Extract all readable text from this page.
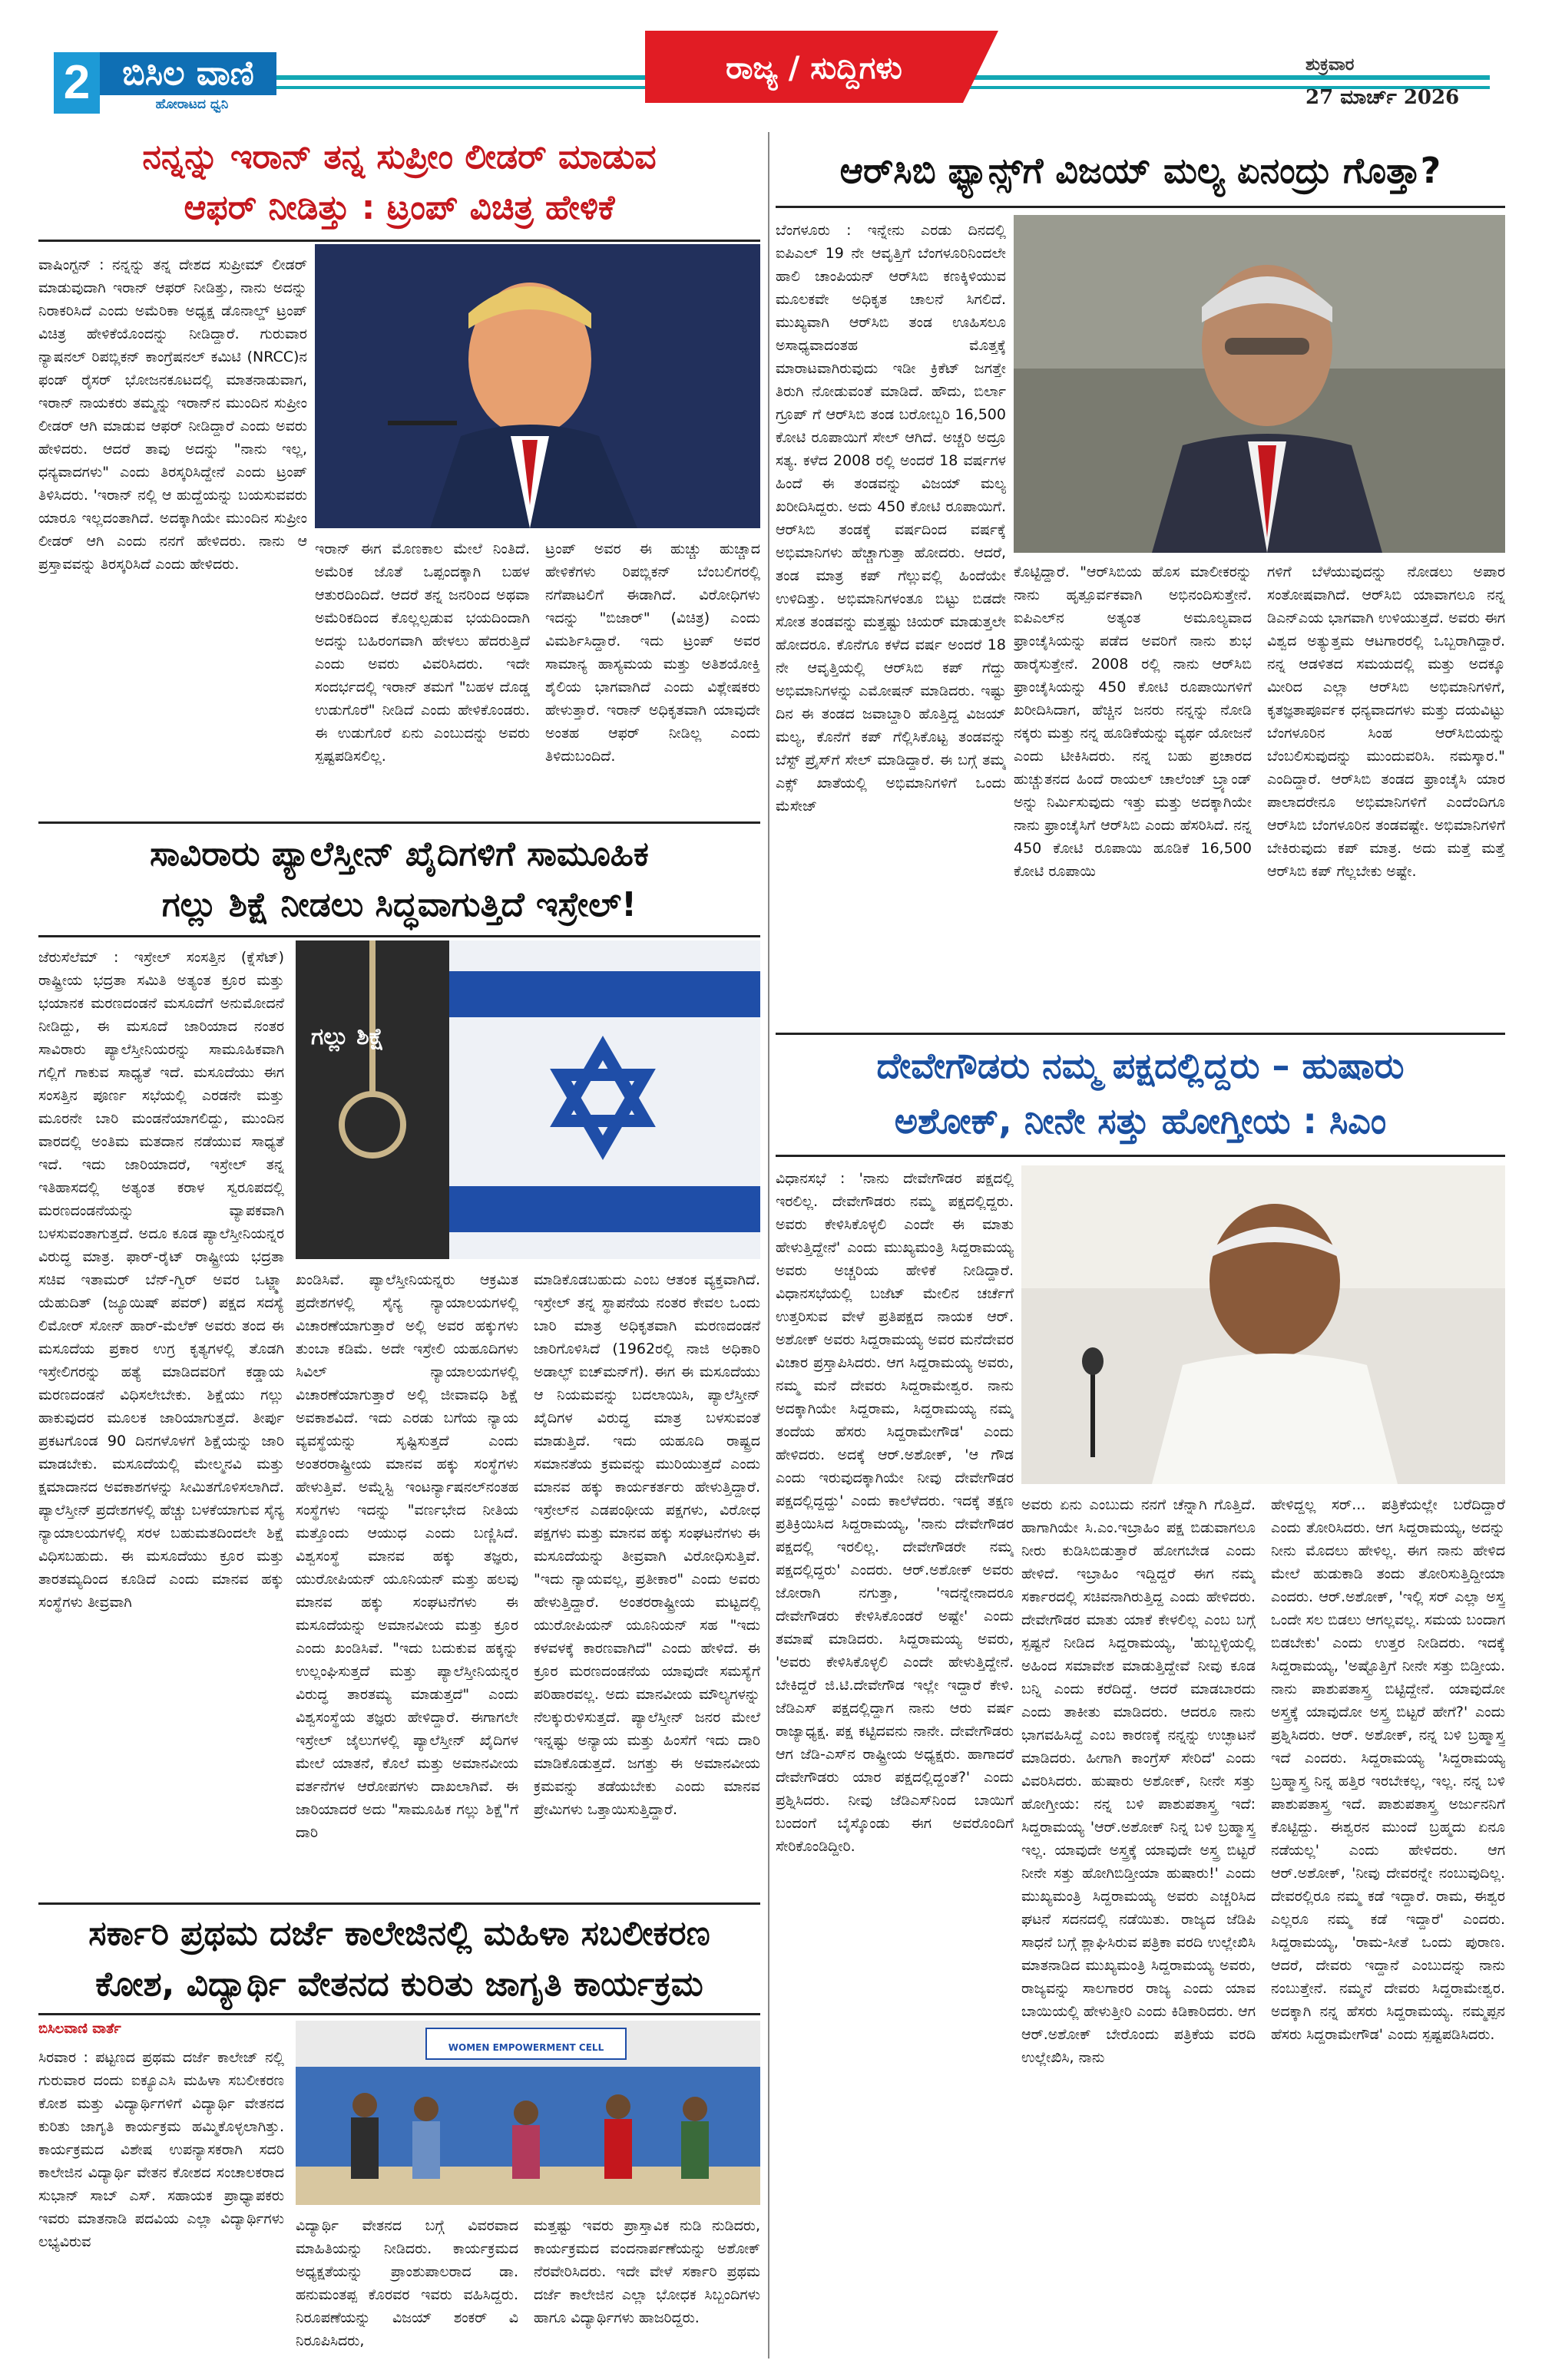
2 ಬಿಸಿಲ ವಾಣಿ
ಹೋರಾಟದ ಧ್ವನಿ
ರಾಜ್ಯ / ಸುದ್ದಿಗಳು	ಶುಕ್ರವಾರ
27 ಮಾರ್ಚ್ 2026
ನನ್ನನ್ನು ಇರಾನ್ ತನ್ನ ಸುಪ್ರೀಂ ಲೀಡರ್ ಮಾಡುವ
ಆಫರ್ ನೀಡಿತ್ತು : ಟ್ರಂಪ್ ವಿಚಿತ್ರ ಹೇಳಿಕೆ
ವಾಷಿಂಗ್ಟನ್ : ನನ್ನನ್ನು ತನ್ನ ದೇಶದ ಸುಪ್ರೀಮ್ ಲೀಡರ್ ಮಾಡುವುದಾಗಿ ಇರಾನ್ ಆಫರ್ ನೀಡಿತ್ತು, ನಾನು ಅದನ್ನು ನಿರಾಕರಿಸಿದೆ ಎಂದು ಅಮೆರಿಕಾ ಅಧ್ಯಕ್ಷ ಡೊನಾಲ್ಡ್ ಟ್ರಂಪ್ ವಿಚಿತ್ರ ಹೇಳಿಕೆಯೊಂದನ್ನು ನೀಡಿದ್ದಾರೆ. ಗುರುವಾರ ನ್ಯಾಷನಲ್ ರಿಪಬ್ಲಿಕನ್ ಕಾಂಗ್ರೆಷನಲ್ ಕಮಿಟಿ (NRCC)ನ ಫಂಡ್ ರೈಸರ್ ಭೋಜನಕೂಟದಲ್ಲಿ ಮಾತನಾಡುವಾಗ, ಇರಾನ್ ನಾಯಕರು ತಮ್ಮನ್ನು ಇರಾನ್‌ನ ಮುಂದಿನ ಸುಪ್ರೀಂ ಲೀಡರ್ ಆಗಿ ಮಾಡುವ ಆಫರ್ ನೀಡಿದ್ದಾರೆ ಎಂದು ಅವರು ಹೇಳಿದರು. ಆದರೆ ತಾವು ಅದನ್ನು "ನಾನು ಇಲ್ಲ, ಧನ್ಯವಾದಗಳು" ಎಂದು ತಿರಸ್ಕರಿಸಿದ್ದೇನೆ ಎಂದು ಟ್ರಂಪ್ ತಿಳಿಸಿದರು. 'ಇರಾನ್ ನಲ್ಲಿ ಆ ಹುದ್ದೆಯನ್ನು ಬಯಸುವವರು ಯಾರೂ ಇಲ್ಲದಂತಾಗಿದೆ. ಅದಕ್ಕಾಗಿಯೇ ಮುಂದಿನ ಸುಪ್ರೀಂ ಲೀಡರ್ ಆಗಿ ಎಂದು ನನಗೆ ಹೇಳಿದರು. ನಾನು ಆ ಪ್ರಸ್ತಾವವನ್ನು ತಿರಸ್ಕರಿಸಿದೆ ಎಂದು ಹೇಳಿದರು.
ಇರಾನ್ ಈಗ ಮೊಣಕಾಲ ಮೇಲೆ ನಿಂತಿದೆ. ಅಮೆರಿಕ ಜೊತೆ ಒಪ್ಪಂದಕ್ಕಾಗಿ ಬಹಳ ಆತುರದಿಂದಿದೆ. ಆದರೆ ತನ್ನ ಜನರಿಂದ ಅಥವಾ ಅಮೆರಿಕದಿಂದ ಕೊಲ್ಲಲ್ಪಡುವ ಭಯದಿಂದಾಗಿ ಅದನ್ನು ಬಹಿರಂಗವಾಗಿ ಹೇಳಲು ಹೆದರುತ್ತಿದೆ ಎಂದು ಅವರು ವಿವರಿಸಿದರು. ಇದೇ ಸಂದರ್ಭದಲ್ಲಿ ಇರಾನ್ ತಮಗೆ "ಬಹಳ ದೊಡ್ಡ ಉಡುಗೊರೆ" ನೀಡಿದೆ ಎಂದು ಹೇಳಿಕೊಂಡರು. ಈ ಉಡುಗೊರೆ ಏನು ಎಂಬುದನ್ನು ಅವರು ಸ್ಪಷ್ಟಪಡಿಸಲಿಲ್ಲ.
ಟ್ರಂಪ್ ಅವರ ಈ ಹುಚ್ಚು ಹುಚ್ಚಾದ ಹೇಳಿಕೆಗಳು ರಿಪಬ್ಲಿಕನ್ ಬೆಂಬಲಿಗರಲ್ಲಿ ನಗೆಪಾಟಲಿಗೆ ಈಡಾಗಿದೆ. ವಿರೋಧಿಗಳು ಇದನ್ನು "ಬಿಜಾರ್" (ವಿಚಿತ್ರ) ಎಂದು ವಿಮರ್ಶಿಸಿದ್ದಾರೆ. ಇದು ಟ್ರಂಪ್ ಅವರ ಸಾಮಾನ್ಯ ಹಾಸ್ಯಮಯ ಮತ್ತು ಅತಿಶಯೋಕ್ತಿ ಶೈಲಿಯ ಭಾಗವಾಗಿದೆ ಎಂದು ವಿಶ್ಲೇಷಕರು ಹೇಳುತ್ತಾರೆ. ಇರಾನ್ ಅಧಿಕೃತವಾಗಿ ಯಾವುದೇ ಅಂತಹ ಆಫರ್ ನೀಡಿಲ್ಲ ಎಂದು ತಿಳಿದುಬಂದಿದೆ.
ಆರ್‌ಸಿಬಿ ಫ್ಯಾನ್ಸ್‌ಗೆ ವಿಜಯ್ ಮಲ್ಯ ಏನಂದ್ರು ಗೊತ್ತಾ?
ಬೆಂಗಳೂರು : ಇನ್ನೇನು ಎರಡು ದಿನದಲ್ಲಿ ಐಪಿಎಲ್ 19 ನೇ ಆವೃತ್ತಿಗೆ ಬೆಂಗಳೂರಿನಿಂದಲೇ ಹಾಲಿ ಚಾಂಪಿಯನ್ ಆರ್‌ಸಿಬಿ ಕಣಕ್ಕಿಳಿಯುವ ಮೂಲಕವೇ ಅಧಿಕೃತ ಚಾಲನೆ ಸಿಗಲಿದೆ. ಮುಖ್ಯವಾಗಿ ಆರ್‌ಸಿಬಿ ತಂಡ ಊಹಿಸಲೂ ಅಸಾಧ್ಯವಾದಂತಹ ಮೊತ್ತಕ್ಕೆ ಮಾರಾಟವಾಗಿರುವುದು ಇಡೀ ಕ್ರಿಕೆಟ್ ಜಗತ್ತೇ ತಿರುಗಿ ನೋಡುವಂತೆ ಮಾಡಿದೆ. ಹೌದು, ಬಿರ್ಲಾ ಗ್ರೂಪ್ ಗೆ ಆರ್‌ಸಿಬಿ ತಂಡ ಬರೋಬ್ಬರಿ 16,500 ಕೋಟಿ ರೂಪಾಯಿಗೆ ಸೇಲ್ ಆಗಿದೆ. ಅಚ್ಚರಿ ಅದ್ರೂ ಸತ್ಯ. ಕಳೆದ 2008 ರಲ್ಲಿ ಅಂದರೆ 18 ವರ್ಷಗಳ ಹಿಂದೆ ಈ ತಂಡವನ್ನು ವಿಜಯ್ ಮಲ್ಯ ಖರೀದಿಸಿದ್ದರು. ಅದು 450 ಕೋಟಿ ರೂಪಾಯಿಗೆ. ಆರ್‌ಸಿಬಿ ತಂಡಕ್ಕೆ ವರ್ಷದಿಂದ ವರ್ಷಕ್ಕೆ ಅಭಿಮಾನಿಗಳು ಹೆಚ್ಚಾಗುತ್ತಾ ಹೋದರು. ಆದರೆ, ತಂಡ ಮಾತ್ರ ಕಪ್ ಗೆಲ್ಲುವಲ್ಲಿ ಹಿಂದೆಯೇ ಉಳಿದಿತ್ತು. ಅಭಿಮಾನಿಗಳಂತೂ ಬಿಟ್ಟು ಬಿಡದೇ ಸೋತ ತಂಡವನ್ನು ಮತ್ತಷ್ಟು ಚಿಯರ್ ಮಾಡುತ್ತಲೇ ಹೋದರೂ. ಕೊನೆಗೂ ಕಳೆದ ವರ್ಷ ಅಂದರೆ 18 ನೇ ಆವೃತ್ತಿಯಲ್ಲಿ ಆರ್‌ಸಿಬಿ ಕಪ್ ಗೆದ್ದು ಅಭಿಮಾನಿಗಳನ್ನು ಎಮೋಷನ್ ಮಾಡಿದರು. ಇಷ್ಟು ದಿನ ಈ ತಂಡದ ಜವಾಬ್ದಾರಿ ಹೊತ್ತಿದ್ದ ವಿಜಯ್ ಮಲ್ಯ, ಕೊನೆಗೆ ಕಪ್ ಗೆಲ್ಲಿಸಿಕೊಟ್ಟ ತಂಡವನ್ನು ಬೆಸ್ಟ್ ಪ್ರೈಸ್‌ಗೆ ಸೇಲ್ ಮಾಡಿದ್ದಾರೆ. ಈ ಬಗ್ಗೆ ತಮ್ಮ ಎಕ್ಸ್ ಖಾತೆಯಲ್ಲಿ ಅಭಿಮಾನಿಗಳಿಗೆ ಒಂದು ಮೆಸೇಜ್
ಕೊಟ್ಟಿದ್ದಾರೆ. "ಆರ್‌ಸಿಬಿಯ ಹೊಸ ಮಾಲೀಕರನ್ನು ನಾನು ಹೃತ್ಪೂರ್ವಕವಾಗಿ ಅಭಿನಂದಿಸುತ್ತೇನೆ. ಐಪಿಎಲ್‌ನ ಅತ್ಯಂತ ಅಮೂಲ್ಯವಾದ ಫ್ರಾಂಚೈಸಿಯನ್ನು ಪಡೆದ ಅವರಿಗೆ ನಾನು ಶುಭ ಹಾರೈಸುತ್ತೇನೆ. 2008 ರಲ್ಲಿ ನಾನು ಆರ್‌ಸಿಬಿ ಫ್ರಾಂಚೈಸಿಯನ್ನು 450 ಕೋಟಿ ರೂಪಾಯಿಗಳಿಗೆ ಖರೀದಿಸಿದಾಗ, ಹೆಚ್ಚಿನ ಜನರು ನನ್ನನ್ನು ನೋಡಿ ನಕ್ಕರು ಮತ್ತು ನನ್ನ ಹೂಡಿಕೆಯನ್ನು ವ್ಯರ್ಥ ಯೋಜನೆ ಎಂದು ಟೀಕಿಸಿದರು. ನನ್ನ ಬಹು ಪ್ರಚಾರದ ಹುಚ್ಚುತನದ ಹಿಂದೆ ರಾಯಲ್ ಚಾಲೆಂಜ್ ಬ್ರ್ಯಾಂಡ್ ಅನ್ನು ನಿರ್ಮಿಸುವುದು ಇತ್ತು ಮತ್ತು ಅದಕ್ಕಾಗಿಯೇ ನಾನು ಫ್ರಾಂಚೈಸಿಗೆ ಆರ್‌ಸಿಬಿ ಎಂದು ಹೆಸರಿಸಿದೆ. ನನ್ನ 450 ಕೋಟಿ ರೂಪಾಯಿ ಹೂಡಿಕೆ 16,500 ಕೋಟಿ ರೂಪಾಯಿ
ಗಳಿಗೆ ಬೆಳೆಯುವುದನ್ನು ನೋಡಲು ಅಪಾರ ಸಂತೋಷವಾಗಿದೆ. ಆರ್‌ಸಿಬಿ ಯಾವಾಗಲೂ ನನ್ನ ಡಿಎನ್‌ಎಯ ಭಾಗವಾಗಿ ಉಳಿಯುತ್ತದೆ. ಅವರು ಈಗ ವಿಶ್ವದ ಅತ್ಯುತ್ತಮ ಆಟಗಾರರಲ್ಲಿ ಒಬ್ಬರಾಗಿದ್ದಾರೆ. ನನ್ನ ಆಡಳಿತದ ಸಮಯದಲ್ಲಿ ಮತ್ತು ಅದಕ್ಕೂ ಮೀರಿದ ಎಲ್ಲಾ ಆರ್‌ಸಿಬಿ ಅಭಿಮಾನಿಗಳಿಗೆ, ಕೃತಜ್ಞತಾಪೂರ್ವಕ ಧನ್ಯವಾದಗಳು ಮತ್ತು ದಯವಿಟ್ಟು ಬೆಂಗಳೂರಿನ ಸಿಂಹ ಆರ್‌ಸಿಬಿಯನ್ನು ಬೆಂಬಲಿಸುವುದನ್ನು ಮುಂದುವರಿಸಿ. ನಮಸ್ಕಾರ." ಎಂದಿದ್ದಾರೆ. ಆರ್‌ಸಿಬಿ ತಂಡದ ಫ್ರಾಂಚೈಸಿ ಯಾರ ಪಾಲಾದರೇನೂ ಅಭಿಮಾನಿಗಳಿಗೆ ಎಂದೆಂದಿಗೂ ಆರ್‌ಸಿಬಿ ಬೆಂಗಳೂರಿನ ತಂಡವಷ್ಟೇ. ಅಭಿಮಾನಿಗಳಿಗೆ ಬೇಕಿರುವುದು ಕಪ್ ಮಾತ್ರ. ಅದು ಮತ್ತೆ ಮತ್ತೆ ಆರ್‌ಸಿಬಿ ಕಪ್ ಗೆಲ್ಲಬೇಕು ಅಷ್ಟೇ.
ಸಾವಿರಾರು ಪ್ಯಾಲೆಸ್ತೀನ್ ಖೈದಿಗಳಿಗೆ ಸಾಮೂಹಿಕ
ಗಲ್ಲು ಶಿಕ್ಷೆ ನೀಡಲು ಸಿದ್ಧವಾಗುತ್ತಿದೆ ಇಸ್ರೇಲ್!
ಜೆರುಸೆಲೆಮ್ : ಇಸ್ರೇಲ್ ಸಂಸತ್ತಿನ (ಕ್ನೆಸೆಟ್) ರಾಷ್ಟ್ರೀಯ ಭದ್ರತಾ ಸಮಿತಿ ಅತ್ಯಂತ ಕ್ರೂರ ಮತ್ತು ಭಯಾನಕ ಮರಣದಂಡನೆ ಮಸೂದೆಗೆ ಅನುಮೋದನೆ ನೀಡಿದ್ದು, ಈ ಮಸೂದೆ ಜಾರಿಯಾದ ನಂತರ ಸಾವಿರಾರು ಪ್ಯಾಲೆಸ್ತೀನಿಯರನ್ನು ಸಾಮೂಹಿಕವಾಗಿ ಗಲ್ಲಿಗೆ ಗಾಕುವ ಸಾಧ್ಯತೆ ಇದೆ. ಮಸೂದೆಯು ಈಗ ಸಂಸತ್ತಿನ ಪೂರ್ಣ ಸಭೆಯಲ್ಲಿ ಎರಡನೇ ಮತ್ತು ಮೂರನೇ ಬಾರಿ ಮಂಡನೆಯಾಗಲಿದ್ದು, ಮುಂದಿನ ವಾರದಲ್ಲಿ ಅಂತಿಮ ಮತದಾನ ನಡೆಯುವ ಸಾಧ್ಯತೆ ಇದೆ. ಇದು ಜಾರಿಯಾದರೆ, ಇಸ್ರೇಲ್ ತನ್ನ ಇತಿಹಾಸದಲ್ಲಿ ಅತ್ಯಂತ ಕರಾಳ ಸ್ವರೂಪದಲ್ಲಿ ಮರಣದಂಡನೆಯನ್ನು ವ್ಯಾಪಕವಾಗಿ ಬಳಸುವಂತಾಗುತ್ತದೆ. ಅದೂ ಕೂಡ ಪ್ಯಾಲೆಸ್ತೀನಿಯನ್ನರ ವಿರುದ್ಧ ಮಾತ್ರ. ಫಾರ್-ರೈಟ್ ರಾಷ್ಟ್ರೀಯ ಭದ್ರತಾ ಸಚಿವ ಇತಾಮರ್ ಬೆನ್-ಗ್ವಿರ್ ಅವರ ಒಟ್ಜ್ಮಾ ಯೆಹುದಿತ್ (ಜ್ಯೂಯಿಷ್ ಪವರ್) ಪಕ್ಷದ ಸದಸ್ಯೆ ಲಿಮೋರ್ ಸೋನ್ ಹಾರ್-ಮೆಲೆಕ್ ಅವರು ತಂದ ಈ ಮಸೂದೆಯ ಪ್ರಕಾರ ಉಗ್ರ ಕೃತ್ಯಗಳಲ್ಲಿ ತೊಡಗಿ ಇಸ್ರೇಲಿಗರನ್ನು ಹತ್ಯೆ ಮಾಡಿದವರಿಗೆ ಕಡ್ಡಾಯ ಮರಣದಂಡನೆ ವಿಧಿಸಲೇಬೇಕು. ಶಿಕ್ಷೆಯು ಗಲ್ಲು ಹಾಕುವುದರ ಮೂಲಕ ಜಾರಿಯಾಗುತ್ತದೆ. ತೀರ್ಪು ಪ್ರಕಟಗೊಂಡ 90 ದಿನಗಳೊಳಗೆ ಶಿಕ್ಷೆಯನ್ನು ಜಾರಿ ಮಾಡಬೇಕು. ಮಸೂದೆಯಲ್ಲಿ ಮೇಲ್ಮನವಿ ಮತ್ತು ಕ್ಷಮಾದಾನದ ಅವಕಾಶಗಳನ್ನು ಸೀಮಿತಗೊಳಿಸಲಾಗಿದೆ. ಪ್ಯಾಲೆಸ್ತೀನ್ ಪ್ರದೇಶಗಳಲ್ಲಿ ಹೆಚ್ಚು ಬಳಕೆಯಾಗುವ ಸೈನ್ಯ ನ್ಯಾಯಾಲಯಗಳಲ್ಲಿ ಸರಳ ಬಹುಮತದಿಂದಲೇ ಶಿಕ್ಷೆ ವಿಧಿಸಬಹುದು. ಈ ಮಸೂದೆಯು ಕ್ರೂರ ಮತ್ತು ತಾರತಮ್ಯದಿಂದ ಕೂಡಿದೆ ಎಂದು ಮಾನವ ಹಕ್ಕು ಸಂಸ್ಥೆಗಳು ತೀವ್ರವಾಗಿ
ಗಲ್ಲು ಶಿಕ್ಷೆ
ಖಂಡಿಸಿವೆ. ಪ್ಯಾಲೆಸ್ತೀನಿಯನ್ನರು ಆಕ್ರಮಿತ ಪ್ರದೇಶಗಳಲ್ಲಿ ಸೈನ್ಯ ನ್ಯಾಯಾಲಯಗಳಲ್ಲಿ ವಿಚಾರಣೆಯಾಗುತ್ತಾರೆ ಅಲ್ಲಿ ಅವರ ಹಕ್ಕುಗಳು ತುಂಬಾ ಕಡಿಮೆ. ಅದೇ ಇಸ್ರೇಲಿ ಯಹೂದಿಗಳು ಸಿವಿಲ್ ನ್ಯಾಯಾಲಯಗಳಲ್ಲಿ ವಿಚಾರಣೆಯಾಗುತ್ತಾರೆ ಅಲ್ಲಿ ಜೀವಾವಧಿ ಶಿಕ್ಷೆ ಅವಕಾಶವಿದೆ. ಇದು ಎರಡು ಬಗೆಯ ನ್ಯಾಯ ವ್ಯವಸ್ಥೆಯನ್ನು ಸೃಷ್ಟಿಸುತ್ತದೆ ಎಂದು ಅಂತರರಾಷ್ಟ್ರೀಯ ಮಾನವ ಹಕ್ಕು ಸಂಸ್ಥೆಗಳು ಹೇಳುತ್ತಿವೆ. ಅಮ್ನೆಸ್ಟಿ ಇಂಟರ್ನ್ಯಾಷನಲ್‌ನಂತಹ ಸಂಸ್ಥೆಗಳು ಇದನ್ನು "ವರ್ಣಭೇದ ನೀತಿಯ ಮತ್ತೊಂದು ಆಯುಧ ಎಂದು ಬಣ್ಣಿಸಿದೆ. ವಿಶ್ವಸಂಸ್ಥೆ ಮಾನವ ಹಕ್ಕು ತಜ್ಞರು, ಯುರೋಪಿಯನ್ ಯೂನಿಯನ್ ಮತ್ತು ಹಲವು ಮಾನವ ಹಕ್ಕು ಸಂಘಟನೆಗಳು ಈ ಮಸೂದೆಯನ್ನು ಅಮಾನವೀಯ ಮತ್ತು ಕ್ರೂರ ಎಂದು ಖಂಡಿಸಿವೆ. "ಇದು ಬದುಕುವ ಹಕ್ಕನ್ನು ಉಲ್ಲಂಘಿಸುತ್ತದೆ ಮತ್ತು ಪ್ಯಾಲೆಸ್ತೀನಿಯನ್ನರ ವಿರುದ್ಧ ತಾರತಮ್ಯ ಮಾಡುತ್ತದೆ" ಎಂದು ವಿಶ್ವಸಂಸ್ಥೆಯ ತಜ್ಞರು ಹೇಳಿದ್ದಾರೆ. ಈಗಾಗಲೇ ಇಸ್ರೇಲ್ ಜೈಲುಗಳಲ್ಲಿ ಪ್ಯಾಲೆಸ್ತೀನ್ ಖೈದಿಗಳ ಮೇಲೆ ಯಾತನೆ, ಕೊಲೆ ಮತ್ತು ಅಮಾನವೀಯ ವರ್ತನೆಗಳ ಆರೋಪಗಳು ದಾಖಲಾಗಿವೆ. ಈ ಜಾರಿಯಾದರೆ ಅದು "ಸಾಮೂಹಿಕ ಗಲ್ಲು ಶಿಕ್ಷೆ"ಗೆ ದಾರಿ
ಮಾಡಿಕೊಡಬಹುದು ಎಂಬ ಆತಂಕ ವ್ಯಕ್ತವಾಗಿದೆ. ಇಸ್ರೇಲ್ ತನ್ನ ಸ್ಥಾಪನೆಯ ನಂತರ ಕೇವಲ ಒಂದು ಬಾರಿ ಮಾತ್ರ ಅಧಿಕೃತವಾಗಿ ಮರಣದಂಡನೆ ಜಾರಿಗೊಳಿಸಿದೆ (1962ರಲ್ಲಿ ನಾಜಿ ಅಧಿಕಾರಿ ಅಡಾಲ್ಫ್ ಐಚ್‌ಮನ್‌ಗೆ). ಈಗ ಈ ಮಸೂದೆಯು ಆ ನಿಯಮವನ್ನು ಬದಲಾಯಿಸಿ, ಪ್ಯಾಲೆಸ್ತೀನ್ ಖೈದಿಗಳ ವಿರುದ್ಧ ಮಾತ್ರ ಬಳಸುವಂತೆ ಮಾಡುತ್ತಿದೆ. ಇದು ಯಹೂದಿ ರಾಷ್ಟ್ರದ ಸಮಾನತೆಯ ಕ್ರಮವನ್ನು ಮುರಿಯುತ್ತದೆ ಎಂದು ಮಾನವ ಹಕ್ಕು ಕಾರ್ಯಕರ್ತರು ಹೇಳುತ್ತಿದ್ದಾರೆ. ಇಸ್ರೇಲ್‌ನ ಎಡಪಂಥೀಯ ಪಕ್ಷಗಳು, ವಿರೋಧ ಪಕ್ಷಗಳು ಮತ್ತು ಮಾನವ ಹಕ್ಕು ಸಂಘಟನೆಗಳು ಈ ಮಸೂದೆಯನ್ನು ತೀವ್ರವಾಗಿ ವಿರೋಧಿಸುತ್ತಿವೆ. "ಇದು ನ್ಯಾಯವಲ್ಲ, ಪ್ರತೀಕಾರ" ಎಂದು ಅವರು ಹೇಳುತ್ತಿದ್ದಾರೆ. ಅಂತರರಾಷ್ಟ್ರೀಯ ಮಟ್ಟದಲ್ಲಿ ಯುರೋಪಿಯನ್ ಯೂನಿಯನ್ ಸಹ "ಇದು ಕಳವಳಕ್ಕೆ ಕಾರಣವಾಗಿದೆ" ಎಂದು ಹೇಳಿದೆ. ಈ ಕ್ರೂರ ಮರಣದಂಡನೆಯ ಯಾವುದೇ ಸಮಸ್ಯೆಗೆ ಪರಿಹಾರವಲ್ಲ. ಅದು ಮಾನವೀಯ ಮೌಲ್ಯಗಳನ್ನು ನೆಲಕ್ಕುರುಳಿಸುತ್ತದೆ. ಪ್ಯಾಲೆಸ್ತೀನ್ ಜನರ ಮೇಲೆ ಇನ್ನಷ್ಟು ಅನ್ಯಾಯ ಮತ್ತು ಹಿಂಸೆಗೆ ಇದು ದಾರಿ ಮಾಡಿಕೊಡುತ್ತದೆ. ಜಗತ್ತು ಈ ಅಮಾನವೀಯ ಕ್ರಮವನ್ನು ತಡೆಯಬೇಕು ಎಂದು ಮಾನವ ಪ್ರೇಮಿಗಳು ಒತ್ತಾಯಿಸುತ್ತಿದ್ದಾರೆ.
ದೇವೇಗೌಡರು ನಮ್ಮ ಪಕ್ಷದಲ್ಲಿದ್ದರು – ಹುಷಾರು
ಅಶೋಕ್, ನೀನೇ ಸತ್ತು ಹೋಗ್ತೀಯ : ಸಿಎಂ
ವಿಧಾನಸಭೆ : 'ನಾನು ದೇವೇಗೌಡರ ಪಕ್ಷದಲ್ಲಿ ಇರಲಿಲ್ಲ. ದೇವೇಗೌಡರು ನಮ್ಮ ಪಕ್ಷದಲ್ಲಿದ್ದರು. ಅವರು ಕೇಳಿಸಿಕೊಳ್ಳಲಿ ಎಂದೇ ಈ ಮಾತು ಹೇಳುತ್ತಿದ್ದೇನೆ' ಎಂದು ಮುಖ್ಯಮಂತ್ರಿ ಸಿದ್ದರಾಮಯ್ಯ ಅವರು ಅಚ್ಚರಿಯ ಹೇಳಿಕೆ ನೀಡಿದ್ದಾರೆ. ವಿಧಾನಸಭೆಯಲ್ಲಿ ಬಜೆಟ್ ಮೇಲಿನ ಚರ್ಚೆಗೆ ಉತ್ತರಿಸುವ ವೇಳೆ ಪ್ರತಿಪಕ್ಷದ ನಾಯಕ ಆರ್. ಅಶೋಕ್ ಅವರು ಸಿದ್ದರಾಮಯ್ಯ ಅವರ ಮನೆದೇವರ ವಿಚಾರ ಪ್ರಸ್ತಾಪಿಸಿದರು. ಆಗ ಸಿದ್ದರಾಮಯ್ಯ ಅವರು, ನಮ್ಮ ಮನೆ ದೇವರು ಸಿದ್ದರಾಮೇಶ್ವರ. ನಾನು ಅದಕ್ಕಾಗಿಯೇ ಸಿದ್ದರಾಮ, ಸಿದ್ದರಾಮಯ್ಯ ನಮ್ಮ ತಂದೆಯ ಹೆಸರು ಸಿದ್ದರಾಮೇಗೌಡ' ಎಂದು ಹೇಳಿದರು. ಅದಕ್ಕೆ ಆರ್.ಅಶೋಕ್, 'ಆ ಗೌಡ ಎಂದು ಇರುವುದಕ್ಕಾಗಿಯೇ ನೀವು ದೇವೇಗೌಡರ ಪಕ್ಷದಲ್ಲಿದ್ದದ್ದು' ಎಂದು ಕಾಲೆಳೆದರು. ಇದಕ್ಕೆ ತಕ್ಷಣ ಪ್ರತಿಕ್ರಿಯಿಸಿದ ಸಿದ್ದರಾಮಯ್ಯ, 'ನಾನು ದೇವೇಗೌಡರ ಪಕ್ಷದಲ್ಲಿ ಇರಲಿಲ್ಲ. ದೇವೇಗೌಡರೇ ನಮ್ಮ ಪಕ್ಷದಲ್ಲಿದ್ದರು' ಎಂದರು. ಆರ್.ಅಶೋಕ್ ಅವರು ಜೋರಾಗಿ ನಗುತ್ತಾ, 'ಇದನ್ನೇನಾದರೂ ದೇವೇಗೌಡರು ಕೇಳಿಸಿಕೊಂಡರೆ ಅಷ್ಟೇ' ಎಂದು ತಮಾಷೆ ಮಾಡಿದರು. ಸಿದ್ದರಾಮಯ್ಯ ಅವರು, 'ಅವರು ಕೇಳಿಸಿಕೊಳ್ಳಲಿ ಎಂದೇ ಹೇಳುತ್ತಿದ್ದೇನೆ. ಬೇಕಿದ್ದರೆ ಜಿ.ಟಿ.ದೇವೇಗೌಡ ಇಲ್ಲೇ ಇದ್ದಾರೆ ಕೇಳಿ. ಜೆಡಿಎಸ್ ಪಕ್ಷದಲ್ಲಿದ್ದಾಗ ನಾನು ಆರು ವರ್ಷ ರಾಜ್ಯಾಧ್ಯಕ್ಷ. ಪಕ್ಷ ಕಟ್ಟಿದವನು ನಾನೇ. ದೇವೇಗೌಡರು ಆಗ ಜೆಡಿ-ಎಸ್‌ನ ರಾಷ್ಟ್ರೀಯ ಅಧ್ಯಕ್ಷರು. ಹಾಗಾದರೆ ದೇವೇಗೌಡರು ಯಾರ ಪಕ್ಷದಲ್ಲಿದ್ದಂತೆ?' ಎಂದು ಪ್ರಶ್ನಿಸಿದರು. ನೀವು ಜೆಡಿಎಸ್‌ನಿಂದ ಬಾಯಿಗೆ ಬಂದಂಗೆ ಬೈಸ್ಕೊಂಡು ಈಗ ಅವರೊಂದಿಗೆ ಸೇರಿಕೊಂಡಿದ್ದೀರಿ.
ಅವರು ಏನು ಎಂಬುದು ನನಗೆ ಚೆನ್ನಾಗಿ ಗೊತ್ತಿದೆ. ಹಾಗಾಗಿಯೇ ಸಿ.ಎಂ.ಇಬ್ರಾಹಿಂ ಪಕ್ಷ ಬಿಡುವಾಗಲೂ ನೀರು ಕುಡಿಸಿಬಿಡುತ್ತಾರೆ ಹೋಗಬೇಡ ಎಂದು ಹೇಳಿದೆ. ಇಬ್ರಾಹಿಂ ಇದ್ದಿದ್ದರೆ ಈಗ ನಮ್ಮ ಸರ್ಕಾರದಲ್ಲಿ ಸಚಿವನಾಗಿರುತ್ತಿದ್ದ ಎಂದು ಹೇಳಿದರು. ದೇವೇಗೌಡರ ಮಾತು ಯಾಕೆ ಕೇಳಲಿಲ್ಲ ಎಂಬ ಬಗ್ಗೆ ಸ್ಪಷ್ಟನೆ ನೀಡಿದ ಸಿದ್ದರಾಮಯ್ಯ, 'ಹುಬ್ಬಳ್ಳಿಯಲ್ಲಿ ಅಹಿಂದ ಸಮಾವೇಶ ಮಾಡುತ್ತಿದ್ದೇವೆ ನೀವು ಕೂಡ ಬನ್ನಿ ಎಂದು ಕರೆದಿದ್ದೆ. ಆದರೆ ಮಾಡಬಾರದು ಎಂದು ತಾಕೀತು ಮಾಡಿದರು. ಆದರೂ ನಾನು ಭಾಗವಹಿಸಿದ್ದೆ ಎಂಬ ಕಾರಣಕ್ಕೆ ನನ್ನನ್ನು ಉಚ್ಛಾಟನೆ ಮಾಡಿದರು. ಹೀಗಾಗಿ ಕಾಂಗ್ರೆಸ್ ಸೇರಿದೆ' ಎಂದು ವಿವರಿಸಿದರು. ಹುಷಾರು ಅಶೋಕ್, ನೀನೇ ಸತ್ತು ಹೋಗ್ತೀಯ: ನನ್ನ ಬಳಿ ಪಾಶುಪತಾಸ್ತ್ರ ಇದೆ: ಸಿದ್ದರಾಮಯ್ಯ 'ಆರ್.ಅಶೋಕ್ ನಿನ್ನ ಬಳಿ ಬ್ರಹ್ಮಾಸ್ತ್ರ ಇಲ್ಲ. ಯಾವುದೇ ಅಸ್ತ್ರಕ್ಕೆ ಯಾವುದೇ ಅಸ್ತ್ರ ಬಿಟ್ಟರೆ ನೀನೇ ಸತ್ತು ಹೋಗಿಬಿಡ್ತೀಯಾ ಹುಷಾರು!' ಎಂದು ಮುಖ್ಯಮಂತ್ರಿ ಸಿದ್ದರಾಮಯ್ಯ ಅವರು ಎಚ್ಚರಿಸಿದ ಘಟನೆ ಸದನದಲ್ಲಿ ನಡೆಯಿತು. ರಾಜ್ಯದ ಜೆಡಿಪಿ ಸಾಧನೆ ಬಗ್ಗೆ ಶ್ಲಾಘಿಸಿರುವ ಪತ್ರಿಕಾ ವರದಿ ಉಲ್ಲೇಖಿಸಿ ಮಾತನಾಡಿದ ಮುಖ್ಯಮಂತ್ರಿ ಸಿದ್ದರಾಮಯ್ಯ ಅವರು, ರಾಜ್ಯವನ್ನು ಸಾಲಗಾರರ ರಾಜ್ಯ ಎಂದು ಯಾವ ಬಾಯಿಯಲ್ಲಿ ಹೇಳುತ್ತೀರಿ ಎಂದು ಕಿಡಿಕಾರಿದರು. ಆಗ ಆರ್.ಅಶೋಕ್ ಬೇರೊಂದು ಪತ್ರಿಕೆಯ ವರದಿ ಉಲ್ಲೇಖಿಸಿ, ನಾನು
ಹೇಳಿದ್ದಲ್ಲ ಸರ್... ಪತ್ರಿಕೆಯಲ್ಲೇ ಬರೆದಿದ್ದಾರೆ ಎಂದು ತೋರಿಸಿದರು. ಆಗ ಸಿದ್ದರಾಮಯ್ಯ, ಅದನ್ನು ನೀನು ಮೊದಲು ಹೇಳಿಲ್ಲ. ಈಗ ನಾನು ಹೇಳಿದ ಮೇಲೆ ಹುಡುಕಾಡಿ ತಂದು ತೋರಿಸುತ್ತಿದ್ದೀಯಾ ಎಂದರು. ಆರ್.ಅಶೋಕ್, 'ಇಲ್ಲಿ ಸರ್ ಎಲ್ಲಾ ಅಸ್ತ್ರ ಒಂದೇ ಸಲ ಬಿಡಲು ಆಗಲ್ಲವಲ್ಲ. ಸಮಯ ಬಂದಾಗ ಬಿಡಬೇಕು' ಎಂದು ಉತ್ತರ ನೀಡಿದರು. ಇದಕ್ಕೆ ಸಿದ್ದರಾಮಯ್ಯ, 'ಅಷ್ಟೊತ್ತಿಗೆ ನೀನೇ ಸತ್ತು ಬಿಡ್ತೀಯ. ನಾನು ಪಾಶುಪತಾಸ್ತ್ರ ಬಿಟ್ಟಿದ್ದೇನೆ. ಯಾವುದೋ ಅಸ್ತ್ರಕ್ಕೆ ಯಾವುದೋ ಅಸ್ತ್ರ ಬಿಟ್ಟರೆ ಹೇಗೆ?' ಎಂದು ಪ್ರಶ್ನಿಸಿದರು. ಆರ್. ಅಶೋಕ್, ನನ್ನ ಬಳಿ ಬ್ರಹ್ಮಾಸ್ತ್ರ ಇದೆ ಎಂದರು. ಸಿದ್ದರಾಮಯ್ಯ 'ಸಿದ್ದರಾಮಯ್ಯ ಬ್ರಹ್ಮಾಸ್ತ್ರ ನಿನ್ನ ಹತ್ತಿರ ಇರಬೇಕಲ್ಲ, ಇಲ್ಲ. ನನ್ನ ಬಳಿ ಪಾಶುಪತಾಸ್ತ್ರ ಇದೆ. ಪಾಶುಪತಾಸ್ತ್ರ ಅರ್ಜುನನಿಗೆ ಕೊಟ್ಟಿದ್ದು. ಈಶ್ವರನ ಮುಂದೆ ಬ್ರಹ್ಮದು ಏನೂ ನಡೆಯಲ್ಲ' ಎಂದು ಹೇಳಿದರು. ಆಗ ಆರ್.ಅಶೋಕ್, 'ನೀವು ದೇವರನ್ನೇ ನಂಬುವುದಿಲ್ಲ. ದೇವರಲ್ಲಿರೂ ನಮ್ಮ ಕಡೆ ಇದ್ದಾರೆ. ರಾಮ, ಈಶ್ವರ ಎಲ್ಲರೂ ನಮ್ಮ ಕಡೆ ಇದ್ದಾರೆ' ಎಂದರು. ಸಿದ್ದರಾಮಯ್ಯ, 'ರಾಮ-ಸೀತೆ ಒಂದು ಪುರಾಣ. ಆದರೆ, ದೇವರು ಇದ್ದಾನೆ ಎಂಬುದನ್ನು ನಾನು ನಂಬುತ್ತೇನೆ. ನಮ್ಮನೆ ದೇವರು ಸಿದ್ದರಾಮೇಶ್ವರ. ಅದಕ್ಕಾಗಿ ನನ್ನ ಹೆಸರು ಸಿದ್ದರಾಮಯ್ಯ. ನಮ್ಮಪ್ಪನ ಹೆಸರು ಸಿದ್ದರಾಮೇಗೌಡ' ಎಂದು ಸ್ಪಷ್ಟಪಡಿಸಿದರು.
ಸರ್ಕಾರಿ ಪ್ರಥಮ ದರ್ಜೆ ಕಾಲೇಜಿನಲ್ಲಿ ಮಹಿಳಾ ಸಬಲೀಕರಣ
ಕೋಶ, ವಿದ್ಯಾರ್ಥಿ ವೇತನದ ಕುರಿತು ಜಾಗೃತಿ ಕಾರ್ಯಕ್ರಮ
ಬಿಸಿಲವಾಣಿ ವಾರ್ತೆ
ಸಿರವಾರ : ಪಟ್ಟಣದ ಪ್ರಥಮ ದರ್ಜೆ ಕಾಲೇಜ್ ನಲ್ಲಿ ಗುರುವಾರ ದಂದು ಐಕ್ಯೂಎಸಿ ಮಹಿಳಾ ಸಬಲೀಕರಣ ಕೋಶ ಮತ್ತು ವಿದ್ಯಾರ್ಥಿಗಳಿಗೆ ವಿದ್ಯಾರ್ಥಿ ವೇತನದ ಕುರಿತು ಜಾಗೃತಿ ಕಾರ್ಯಕ್ರಮ ಹಮ್ಮಿಕೊಳ್ಳಲಾಗಿತ್ತು. ಕಾರ್ಯಕ್ರಮದ ವಿಶೇಷ ಉಪನ್ಯಾಸಕರಾಗಿ ಸದರಿ ಕಾಲೇಜಿನ ವಿದ್ಯಾರ್ಥಿ ವೇತನ ಕೋಶದ ಸಂಚಾಲಕರಾದ ಸುಭಾನ್ ಸಾಬ್ ಎಸ್. ಸಹಾಯಕ ಪ್ರಾಧ್ಯಾಪಕರು ಇವರು ಮಾತನಾಡಿ ಪದವಿಯ ಎಲ್ಲಾ ವಿದ್ಯಾರ್ಥಿಗಳು ಲಭ್ಯವಿರುವ
WOMEN EMPOWERMENT CELL
ವಿದ್ಯಾರ್ಥಿ ವೇತನದ ಬಗ್ಗೆ ವಿವರವಾದ ಮಾಹಿತಿಯನ್ನು ನೀಡಿದರು. ಕಾರ್ಯಕ್ರಮದ ಅಧ್ಯಕ್ಷತೆಯನ್ನು ಪ್ರಾಂಶುಪಾಲರಾದ ಡಾ. ಹನುಮಂತಪ್ಪ ಕೊರವರ ಇವರು ವಹಿಸಿದ್ದರು. ನಿರೂಪಣೆಯನ್ನು ವಿಜಯ್ ಶಂಕರ್ ವಿ ನಿರೂಪಿಸಿದರು,
ಮತ್ತಷ್ಟು ಇವರು ಪ್ರಾಸ್ತಾವಿಕ ನುಡಿ ನುಡಿದರು, ಕಾರ್ಯಕ್ರಮದ ವಂದನಾರ್ಪಣೆಯನ್ನು ಅಶೋಕ್ ನೆರವೇರಿಸಿದರು. ಇದೇ ವೇಳೆ ಸರ್ಕಾರಿ ಪ್ರಥಮ ದರ್ಜೆ ಕಾಲೇಜಿನ ಎಲ್ಲಾ ಭೋಧಕ ಸಿಬ್ಬಂದಿಗಳು ಹಾಗೂ ವಿದ್ಯಾರ್ಥಿಗಳು ಹಾಜರಿದ್ದರು.
